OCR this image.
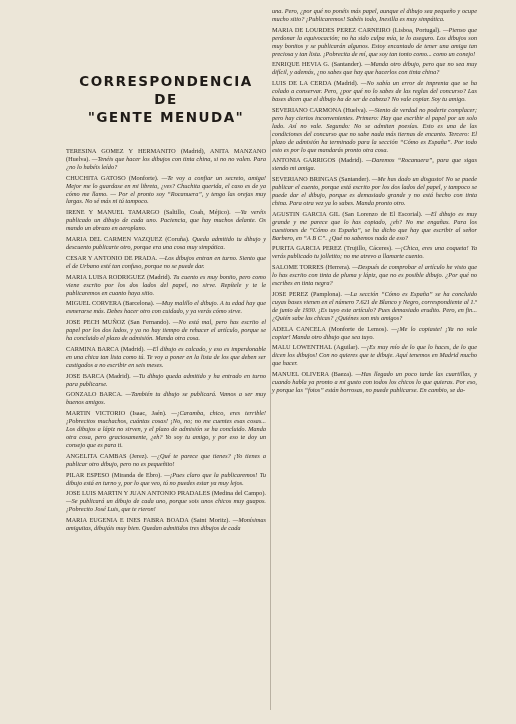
CORRESPONDENCIA
DE
"GENTE MENUDA"

TERESINA GOMEZ Y HERMANITO (Madrid), ANITA MANZANO (Huelva). —Tenéis que hacer los dibujos con tinta china, si no no valen. Para ¿no lo habéis leído?

CHUCHITA GATOSO (Monforte). —Te voy a confiar un secreto, amiga! Mejor me lo guardase en mi libreta, ¿ves? Chuchita querida, el caso es de ya cómo me llamo. — Por el pronto soy “Rocanuera”, y tengo las orejas muy largas. No sé más ni tú tampoco.

IRENE Y MANUEL TAMARGO (Saltillo, Coah, Méjico). —Ya veréis publicado un dibujo de cada uno. Paciencia, que hay muchos delante. Os mando un abrazo en aeroplano.

MARIA DEL CARMEN VAZQUEZ (Coruña). Queda admitido tu dibujo y descuento publicarte otro, porque era una cosa muy simpática.

CESAR Y ANTONIO DE PRADA. —Los dibujos entran en turno. Siento que el de Urbano esté tan confuso, porque no se puede dar.

MARIA LUISA RODRIGUEZ (Madrid). Tu cuento es muy bonito, pero como viene escrito por los dos lados del papel, no sirve. Repítele y te le publicaremos en cuanto haya sitio.

MIGUEL CORVERA (Barcelona). —Muy malillo el dibujo. A tu edad hay que esmerarse más. Debes hacer otro con cuidado, y ya verás cómo sirve.

JOSE PECH MUÑOZ (San Fernando). —No está mal, pero has escrito el papel por los dos lados, y ya no hay tiempo de rehacer el artículo, porque se ha concluido el plazo de admisión. Manda otra cosa.

CARMINA BARCA (Madrid). —El dibujo es calcado, y eso es imperdonable en una chica tan lista como tú. Te voy a poner en la lista de los que deben ser castigados a no escribir en seis meses.

JOSE BARCA (Madrid). —Tu dibujo queda admitido y ha entrado en turno para publicarse.

GONZALO BARCA. —También tu dibujo se publicará. Vamos a ser muy buenos amigos.

MARTIN VICTORIO (Isaac, Jaén). —¡Caramba, chico, eres terrible! ¡Pobrecitos muchachos, cuántas cosas! ¡No, no; no me cuentes esas cosas... Los dibujos a lápiz no sirven, y el plazo de admisión se ha concluido. Manda otra cosa, pero graciosamente, ¿eh? Yo soy tu amigo, y por eso te doy un consejo que es para ti.

ANGELITA CAMBAS (Jerez). —¿Qué te parece que tienes? ¡Yo tienes a publicar otro dibujo, pero no es pequeñito!

PILAR ESPESO (Miranda de Ebro). —¡Pues claro que la publicaremos! Tu dibujo está en turno y, por lo que veo, tú no puedes estar ya muy lejos.

JOSE LUIS MARTIN Y JUAN ANTONIO PRADALES (Medina del Campo). —Se publicará un dibujo de cada uno, porque sois unos chicos muy guapos. ¡Pobrecito José Luis, que te rieron!

MARIA EUGENIA E INES FABRA BOADA (Saint Moritz). —Monísimas amiguitas, dibujáis muy bien. Quedan admitidos tres dibujos de cada

una. Pero, ¿por qué no ponéis más papel, aunque el dibujo sea pequeño y ocupe mucho sitio? ¡Publicaremos! Sabéis todo, Inesilla es muy simpática.

MARIA DE LOURDES PEREZ CARNEIRO (Lisboa, Portugal). —Pienso que perdonar la equivocación; no ha sido culpa mía, te lo aseguro. Los dibujos son muy bonitos y se publicarán algunos. Estoy encantado de tener una amiga tan preciosa y tan lista. ¡Pobrecita de mí, que soy tan tonto como... como un conejo!

ENRIQUE HEVIA G. (Santander). —Manda otro dibujo, pero que no sea muy difícil, y además, ¿no sabes que hay que hacerlos con tinta china?

LUIS DE LA CERDA (Madrid). —No sabía un error de imprenta que se ha colado a conservar. Pero, ¿por qué no lo sabes de las reglas del concurso? Las bases dicen que el dibujo ha de ser de cabeza? No vale copiar. Soy tu amigo.

SEVERIANO CARMONA (Huelva). —Siento de verdad no poderte complacer; pero hay ciertos inconvenientes. Primero: Hay que escribir el papel por un solo lado. Así no vale. Segundo: No se admiten poesías. Esto es una de las condiciones del concurso que no sabe nada más tiernas de encanto. Tercero: El plazo de admisión ha terminado para la sección “Cómo es España”. Por todo esto es por lo que mandarás pronto otra cosa.

ANTONIA GARRIGOS (Madrid). —Daremos “Rocanuera”, para que sigas siendo mi amiga.

SEVERIANO BRINGAS (Santander). —Me has dado un disgusto! No se puede publicar el cuento, porque está escrito por los dos lados del papel, y tampoco se puede dar el dibujo, porque es demasiado grande y no está hecho con tinta china. Para otra vez ya lo sabes. Manda pronto otro.

AGUSTIN GARCIA GIL (San Lorenzo de El Escorial). —El dibujo es muy grande y me parece que lo has copiado, ¿eh? No me engañas. Para los cuestiones de “Cómo es España”, se ha dicho que hay que escribir al señor Barbero, en “A B C”. ¿Qué no sabemos nada de eso?

PURITA GARCIA PEREZ (Trujillo, Cáceres). —¡Chica, eres una coqueta! Ya verás publicado tu jolletito; no me atrevo a llamarte cuento.

SALOME TORRES (Herrera). —Después de comprobar el artículo he visto que lo has escrito con tinta de pluma y lápiz, que no es posible dibujo. ¿Por qué no escribes en tinta negra?

JOSE PEREZ (Pamplona). —La sección “Cómo es España” se ha concluido cuyas bases vienen en el número 7.621 de Blanco y Negro, correspondiente al 1.º de junio de 1930. ¡Es tuyo este artículo? Pues demasiado erudito. Pero, en fin... ¿Quién sabe las chicas? ¿Quiénes son mis amigos?

ADELA CANCELA (Monforte de Lemos). —¡Me lo copiaste! ¡Ya no vale copiar! Manda otro dibujo que sea tuyo.

MALU LOWENTHAL (Aguilar). —¡Es muy mío de lo que lo haces, de lo que dicen los dibujos! Con no quieres que te dibuje. Aquí tenemos en Madrid mucho que hacer.

MANUEL OLIVERA (Baeza). —Has llegado un poco tarde las cuartillas, y cuando habla ya pronto a mi gusto con todos los chicos lo que quieras. Por eso, y porque las “fotos” están borrosas, no puede publicarse. En cambio, se da-
